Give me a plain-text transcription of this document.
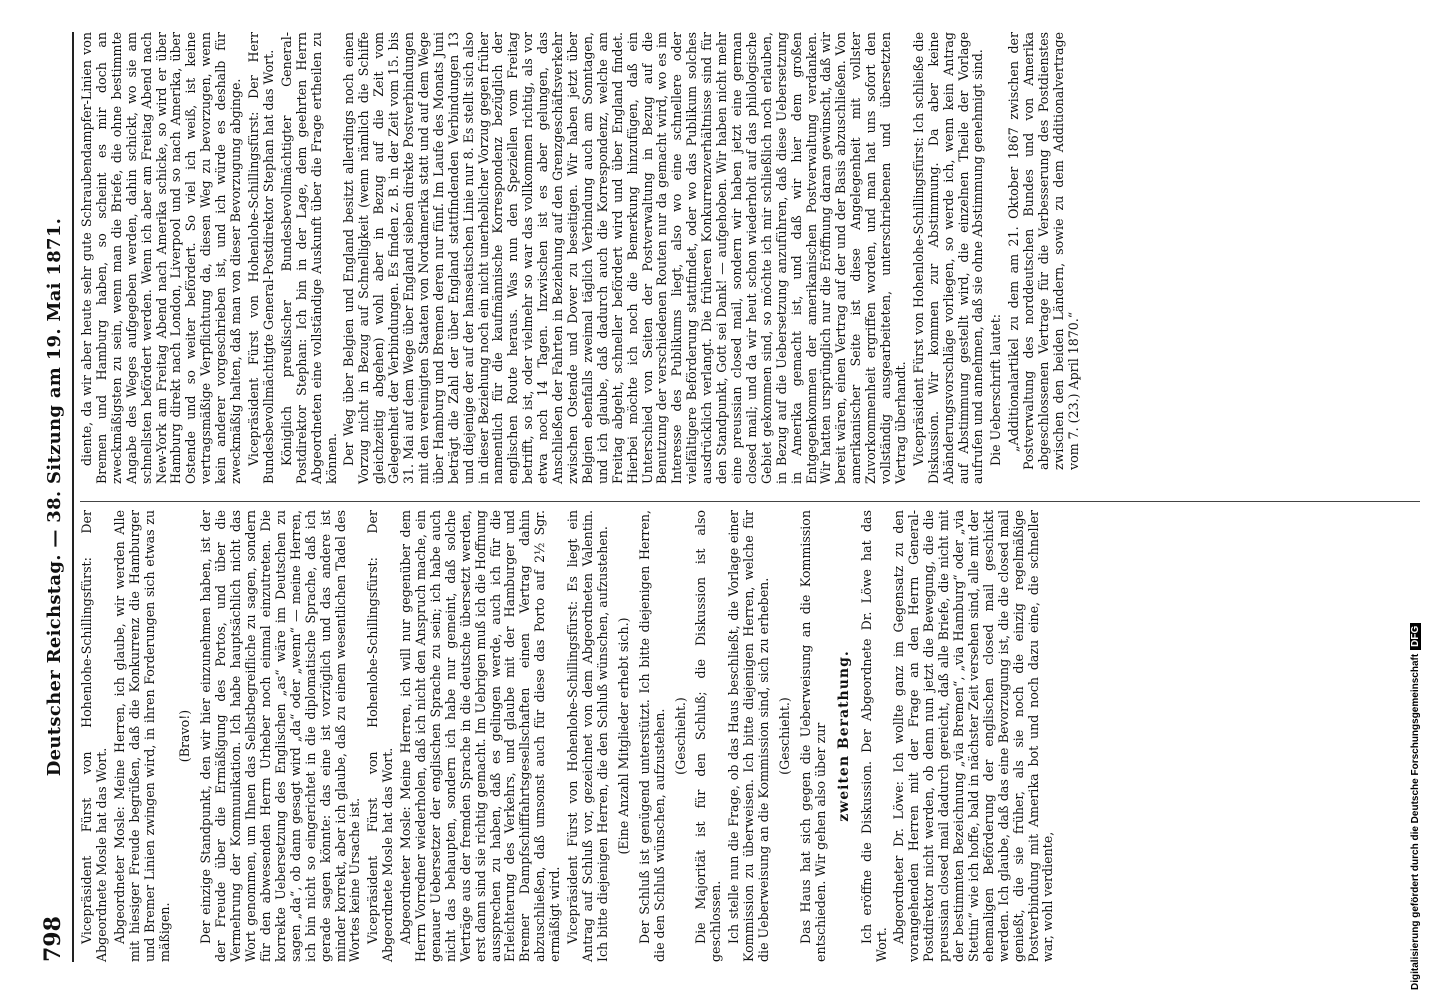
798
Deutscher Reichstag. — 38. Sitzung am 19. Mai 1871. Vicepräsident Fürst von Hohenlohe-Schillingsfürst: Der Abgeordnete Mosle hat das Wort. Abgeordneter Mosle: Meine Herren, ich glaube, wir werden Alle mit hiesiger Freude begrüßen, daß die Konkurrenz die Hamburger und Bremer Linien zwingen wird, in ihren Forderungen sich etwas zu mäßigen.

(Bravo!) Der einzige Standpunkt, den wir hier einzunehmen haben, ist der der Freude über die Ermäßigung des Portos, und über die Vermehrung der Kommunikation. Ich habe hauptsächlich nicht das Wort genommen, um Ihnen das Selbstbegreifliche zu sagen, sondern für den abwesenden Herrn Urheber noch einmal einzutreten. Die korrekte Uebersetzung des Englischen „as“ wäre im Deutschen zu sagen „da“, ob dann gesagt wird „da“ oder „wenn“ — meine Herren, ich bin nicht so eingerichtet in die diplomatische Sprache, daß ich gerade sagen könnte: das eine ist vorzüglich und das andere ist minder korrekt, aber ich glaube, daß zu einem wesentlichen Tadel des Wortes keine Ursache ist. Vicepräsident Fürst von Hohenlohe-Schillingsfürst: Der Abgeordnete Mosle hat das Wort. Abgeordneter Mosle: Meine Herren, ich will nur gegenüber dem Herrn Vorredner wiederholen, daß ich nicht den Anspruch mache, ein genauer Uebersetzer der englischen Sprache zu sein; ich habe auch nicht das behaupten, sondern ich habe nur gemeint, daß solche Verträge aus der fremden Sprache in die deutsche übersetzt werden, erst dann sind sie richtig gemacht. Im Uebrigen muß ich die Hoffnung aussprechen zu haben, daß es gelingen werde, auch ich für die Erleichterung des Verkehrs, und glaube mit der Hamburger und Bremer Dampfschifffahrtsgesellschaften einen Vertrag dahin abzuschließen, daß umsonst auch für diese das Porto auf 2½ Sgr. ermäßigt wird. Vicepräsident Fürst von Hohenlohe-Schillingsfürst: Es liegt ein Antrag auf Schluß vor, gezeichnet von dem Abgeordneten Valentin. Ich bitte diejenigen Herren, die den Schluß wünschen, aufzustehen. (Eine Anzahl Mitglieder erhebt sich.) Der Schluß ist genügend unterstützt. Ich bitte diejenigen Herren, die den Schluß wünschen, aufzustehen. (Geschieht.) Die Majorität ist für den Schluß; die Diskussion ist also geschlossen. Ich stelle nun die Frage, ob das Haus beschließt, die Vorlage einer Kommission zu überweisen. Ich bitte diejenigen Herren, welche für die Ueberweisung an die Kommission sind, sich zu erheben. (Geschieht.) Das Haus hat sich gegen die Ueberweisung an die Kommission entschieden. Wir gehen also über zur zweiten Berathung. Ich eröffne die Diskussion. Der Abgeordnete Dr. Löwe hat das Wort.

Abgeordneter Dr. Löwe: Ich wollte ganz im Gegensatz zu den vorangehenden Herren mit der Frage an den Herrn General-Postdirektor nicht werden, ob denn nun jetzt die Bewegung, die die preussian closed mail dadurch gereicht, daß alle Briefe, die nicht mit der bestimmten Bezeichnung „via Bremen“, „via Hamburg“ oder „via Stettin“ wie ich hoffe, bald in nächster Zeit versehen sind, alle mit der ehemaligen Beförderung der englischen closed mail geschickt werden. Ich glaube, daß das eine Bevorzugung ist, die die closed mail genießt, die sie früher, als sie noch die einzig regelmäßige Postverbindung mit Amerika bot und noch dazu eine, die schneller war, wohl verdiente,

diente, da wir aber heute sehr gute Schraubendampfer-Linien von Bremen und Hamburg haben, so scheint es mir doch an zweckmäßigsten zu sein, wenn man die Briefe, die ohne bestimmte Angabe des Weges aufgegeben werden, dahin schickt, wo sie am schnellsten befördert werden. Wenn ich aber am Freitag Abend nach New-York am Freitag Abend nach Amerika schicke, so wird er über Hamburg direkt nach London, Liverpool und so nach Amerika, über Ostende und so weiter befördert. So viel ich weiß, ist keine vertragsmäßige Verpflichtung da, diesen Weg zu bevorzugen, wenn kein anderer vorgeschrieben ist, und ich würde es deshalb für zweckmäßig halten, daß man von dieser Bevorzugung abginge. Vicepräsident Fürst von Hohenlohe-Schillingsfürst: Der Herr Bundesbevollmächtigte General-Postdirektor Stephan hat das Wort. Königlich preußischer Bundesbevollmächtigter General-Postdirektor Stephan: Ich bin in der Lage, dem geehrten Herrn Abgeordneten eine vollständige Auskunft über die Frage ertheilen zu können. Der Weg über Belgien und England besitzt allerdings noch einen Vorzug nicht in Bezug auf Schnelligkeit (wenn nämlich die Schiffe gleichzeitig abgehen) wohl aber in Bezug auf die Zeit vom Gelegenheit der Verbindungen. Es finden z. B. in der Zeit vom 15. bis 31. Mai auf dem Wege über England sieben direkte Postverbindungen mit den vereinigten Staaten von Nordamerika statt und auf dem Wege über Hamburg und Bremen deren nur fünf. Im Laufe des Monats Juni beträgt die Zahl der über England stattfindenden Verbindungen 13 und diejenige der auf der hanseatischen Linie nur 8. Es stellt sich also in dieser Beziehung noch ein nicht unerheblicher Vorzug gegen früher namentlich für die kaufmännische Korrespondenz bezüglich der englischen Route heraus. Was nun den Speziellen vom Freitag betrifft, so ist, oder vielmehr so war das vollkommen richtig, als vor etwa noch 14 Tagen. Inzwischen ist es aber gelungen, das Anschließen der Fahrten in Beziehung auf den Grenzgeschäftsverkehr zwischen Ostende und Dover zu beseitigen. Wir haben jetzt über Belgien ebenfalls zweimal täglich Verbindung auch am Sonntagen, und ich glaube, daß dadurch auch die Korrespondenz, welche am Freitag abgeht, schneller befördert wird und über England findet. Hierbei möchte ich noch die Bemerkung hinzufügen, daß ein Unterschied von Seiten der Postverwaltung in Bezug auf die Benutzung der verschiedenen Routen nur da gemacht wird, wo es im Interesse des Publikums liegt, also wo eine schnellere oder vielfältigere Beförderung stattfindet, oder wo das Publikum solches ausdrücklich verlangt. Die früheren Konkurrenzverhältnisse sind für den Standpunkt, Gott sei Dank! — aufgehoben. Wir haben nicht mehr eine preussian closed mail, sondern wir haben jetzt eine german closed mail; und da wir heut schon wiederholt auf das philologische Gebiet gekommen sind, so möchte ich mir schließlich noch erlauben, in Bezug auf die Uebersetzung anzuführen, daß diese Uebersetzung in Amerika gemacht ist, und daß wir hier dem großen Entgegenkommen der amerikanischen Postverwaltung verdanken. Wir hatten ursprünglich nur die Eröffnung daran gewünscht, daß wir bereit wären, einen Vertrag auf der und der Basis abzuschließen. Von amerikanischer Seite ist diese Angelegenheit mit vollster Zuvorkommenheit ergriffen worden, und man hat uns sofort den vollständig ausgearbeiteten, unterschriebenen und übersetzten Vertrag überhandt. Vicepräsident Fürst von Hohenlohe-Schillingsfürst: Ich schließe die Diskussion. Wir kommen zur Abstimmung. Da aber keine Abänderungsvorschläge vorliegen, so werde ich, wenn kein Antrag auf Abstimmung gestellt wird, die einzelnen Theile der Vorlage aufrufen und annehmen, daß sie ohne Abstimmung genehmigt sind. Die Ueberschrift lautet: „Additionalartikel zu dem am 21. Oktober 1867 zwischen der Postverwaltung des norddeutschen Bundes und von Amerika abgeschlossenen Vertrage für die Verbesserung des Postdienstes zwischen den beiden Ländern, sowie zu dem Additionalvertrage vom 7. (23.) April 1870.“

Digitalisierung gefördert durch die Deutsche ForschungsgemeinschaftDFG
